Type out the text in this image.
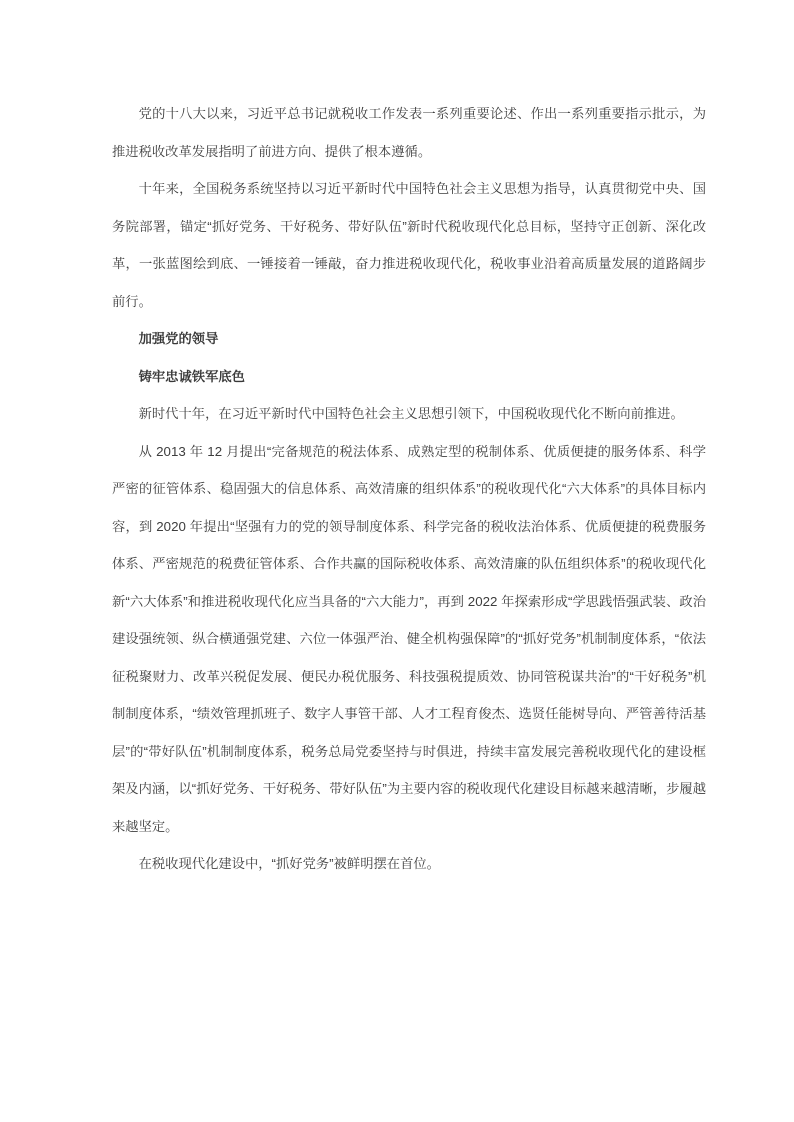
党的十八大以来，习近平总书记就税收工作发表一系列重要论述、作出一系列重要指示批示，为推进税收改革发展指明了前进方向、提供了根本遵循。

十年来，全国税务系统坚持以习近平新时代中国特色社会主义思想为指导，认真贯彻党中央、国务院部署，锚定“抓好党务、干好税务、带好队伍”新时代税收现代化总目标，坚持守正创新、深化改革，一张蓝图绘到底、一锤接着一锤敲，奋力推进税收现代化，税收事业沿着高质量发展的道路阔步前行。

加强党的领导

铸牢忠诚铁军底色

新时代十年，在习近平新时代中国特色社会主义思想引领下，中国税收现代化不断向前推进。

从 2013 年 12 月提出“完备规范的税法体系、成熟定型的税制体系、优质便捷的服务体系、科学严密的征管体系、稳固强大的信息体系、高效清廉的组织体系”的税收现代化“六大体系”的具体目标内容，到 2020 年提出“坚强有力的党的领导制度体系、科学完备的税收法治体系、优质便捷的税费服务体系、严密规范的税费征管体系、合作共赢的国际税收体系、高效清廉的队伍组织体系”的税收现代化新“六大体系”和推进税收现代化应当具备的“六大能力”，再到 2022 年探索形成“学思践悟强武装、政治建设强统领、纵合横通强党建、六位一体强严治、健全机构强保障”的“抓好党务”机制制度体系，“依法征税聚财力、改革兴税促发展、便民办税优服务、科技强税提质效、协同管税谋共治”的“干好税务”机制制度体系，“绩效管理抓班子、数字人事管干部、人才工程育俊杰、选贤任能树导向、严管善待活基层”的“带好队伍”机制制度体系，税务总局党委坚持与时俱进，持续丰富发展完善税收现代化的建设框架及内涵，以“抓好党务、干好税务、带好队伍”为主要内容的税收现代化建设目标越来越清晰，步履越来越坚定。

在税收现代化建设中，“抓好党务”被鲜明摆在首位。
